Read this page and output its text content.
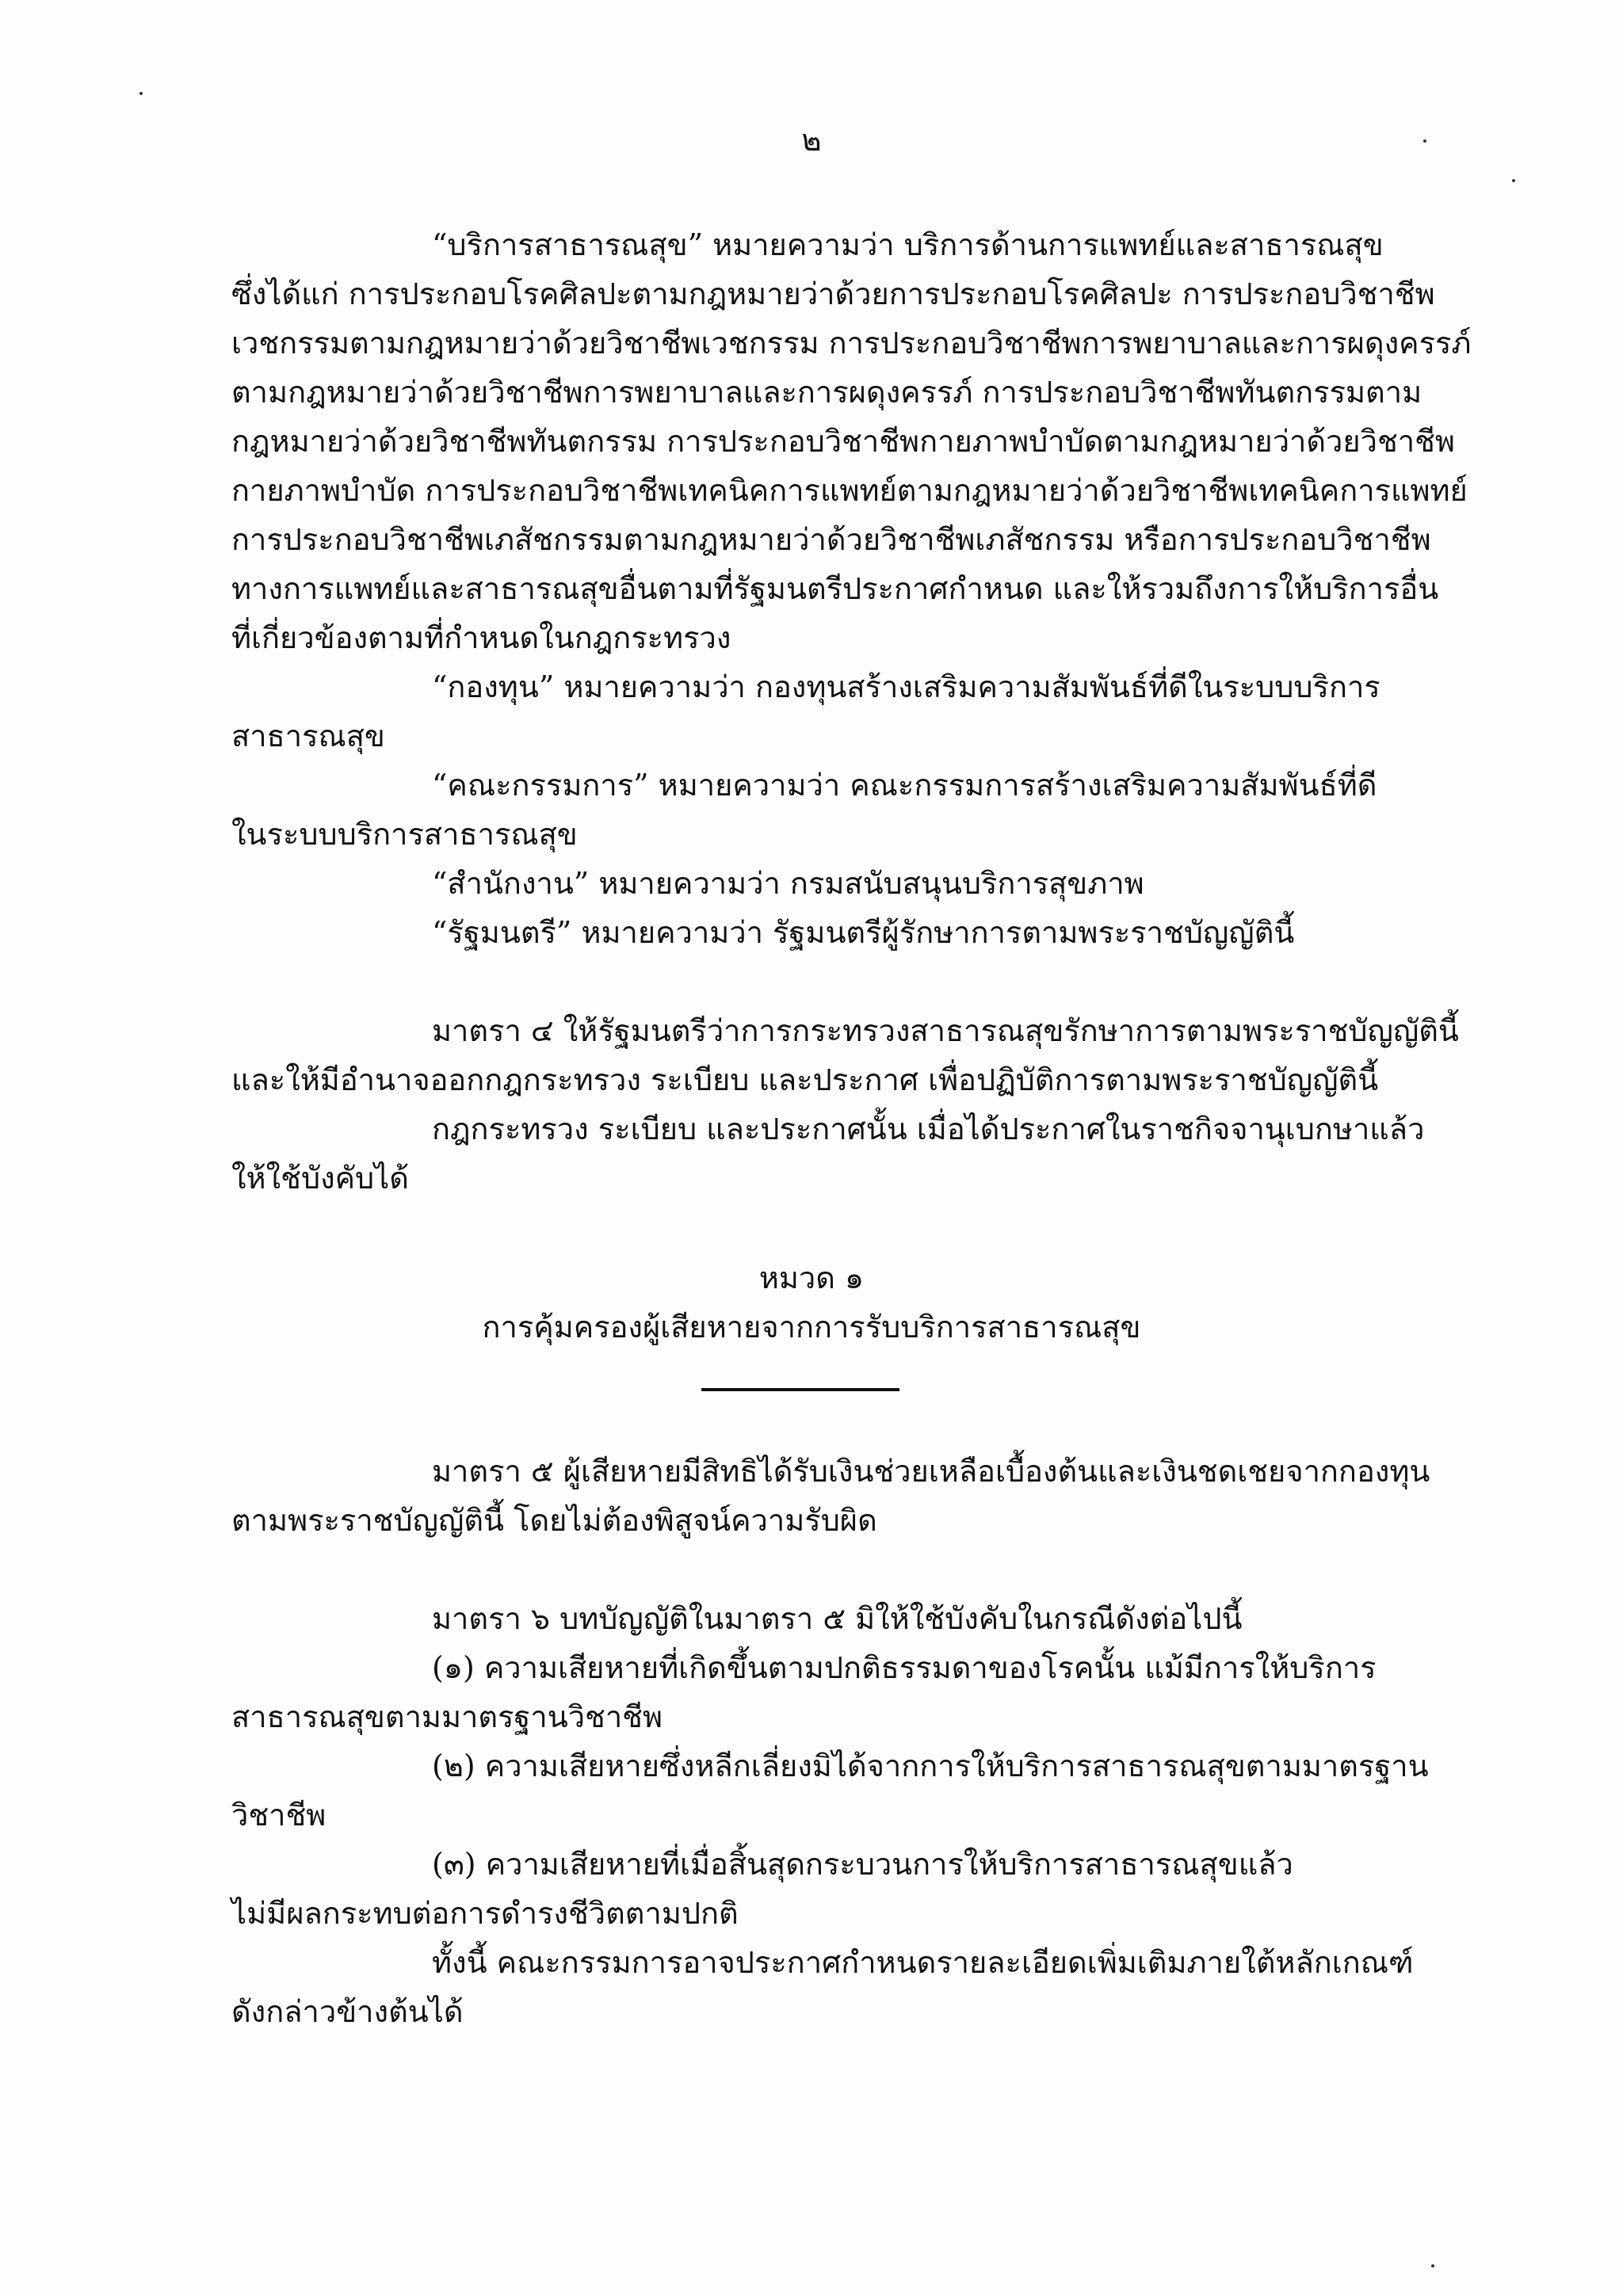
๒
“บริการสาธารณสุข” หมายความว่า บริการด้านการแพทย์และสาธารณสุข
ซึ่งได้แก่ การประกอบโรคศิลปะตามกฎหมายว่าด้วยการประกอบโรคศิลปะ การประกอบวิชาชีพ
เวชกรรมตามกฎหมายว่าด้วยวิชาชีพเวชกรรม การประกอบวิชาชีพการพยาบาลและการผดุงครรภ์
ตามกฎหมายว่าด้วยวิชาชีพการพยาบาลและการผดุงครรภ์ การประกอบวิชาชีพทันตกรรมตาม
กฎหมายว่าด้วยวิชาชีพทันตกรรม การประกอบวิชาชีพกายภาพบำบัดตามกฎหมายว่าด้วยวิชาชีพ
กายภาพบำบัด การประกอบวิชาชีพเทคนิคการแพทย์ตามกฎหมายว่าด้วยวิชาชีพเทคนิคการแพทย์
การประกอบวิชาชีพเภสัชกรรมตามกฎหมายว่าด้วยวิชาชีพเภสัชกรรม หรือการประกอบวิชาชีพ
ทางการแพทย์และสาธารณสุขอื่นตามที่รัฐมนตรีประกาศกำหนด และให้รวมถึงการให้บริการอื่น
ที่เกี่ยวข้องตามที่กำหนดในกฎกระทรวง
“กองทุน” หมายความว่า กองทุนสร้างเสริมความสัมพันธ์ที่ดีในระบบบริการ
สาธารณสุข
“คณะกรรมการ” หมายความว่า คณะกรรมการสร้างเสริมความสัมพันธ์ที่ดี
ในระบบบริการสาธารณสุข
“สำนักงาน” หมายความว่า กรมสนับสนุนบริการสุขภาพ
“รัฐมนตรี” หมายความว่า รัฐมนตรีผู้รักษาการตามพระราชบัญญัตินี้
มาตรา ๔ ให้รัฐมนตรีว่าการกระทรวงสาธารณสุขรักษาการตามพระราชบัญญัตินี้
และให้มีอำนาจออกกฎกระทรวง ระเบียบ และประกาศ เพื่อปฏิบัติการตามพระราชบัญญัตินี้
กฎกระทรวง ระเบียบ และประกาศนั้น เมื่อได้ประกาศในราชกิจจานุเบกษาแล้ว
ให้ใช้บังคับได้
หมวด ๑
การคุ้มครองผู้เสียหายจากการรับบริการสาธารณสุข
มาตรา ๕ ผู้เสียหายมีสิทธิได้รับเงินช่วยเหลือเบื้องต้นและเงินชดเชยจากกองทุน
ตามพระราชบัญญัตินี้ โดยไม่ต้องพิสูจน์ความรับผิด
มาตรา ๖ บทบัญญัติในมาตรา ๕ มิให้ใช้บังคับในกรณีดังต่อไปนี้
(๑) ความเสียหายที่เกิดขึ้นตามปกติธรรมดาของโรคนั้น แม้มีการให้บริการ
สาธารณสุขตามมาตรฐานวิชาชีพ
(๒) ความเสียหายซึ่งหลีกเลี่ยงมิได้จากการให้บริการสาธารณสุขตามมาตรฐาน
วิชาชีพ
(๓) ความเสียหายที่เมื่อสิ้นสุดกระบวนการให้บริการสาธารณสุขแล้ว
ไม่มีผลกระทบต่อการดำรงชีวิตตามปกติ
ทั้งนี้ คณะกรรมการอาจประกาศกำหนดรายละเอียดเพิ่มเติมภายใต้หลักเกณฑ์
ดังกล่าวข้างต้นได้
